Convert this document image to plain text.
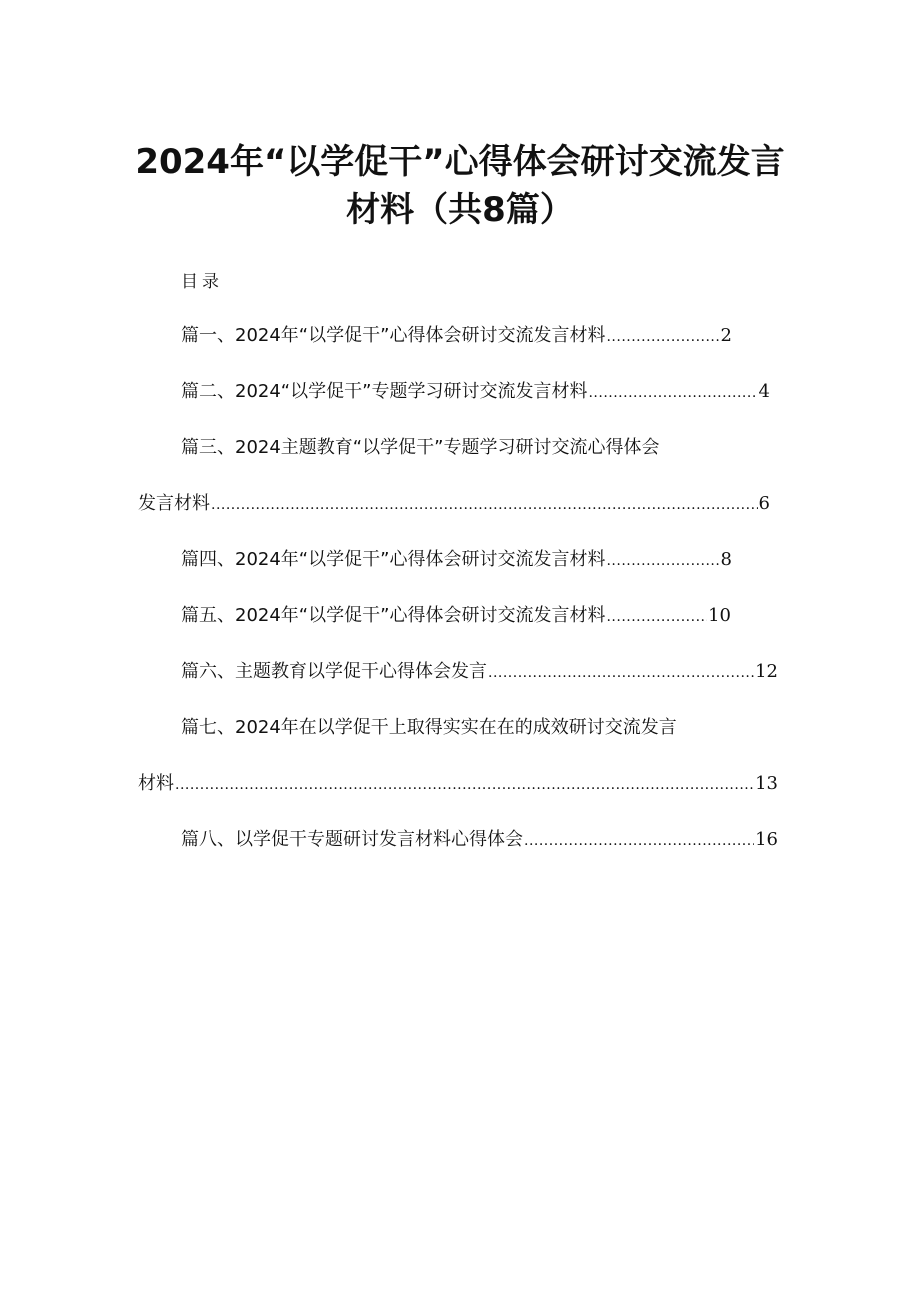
2024年“以学促干”心得体会研讨交流发言
材料（共8篇）
目录
篇一、2024年“以学促干”心得体会研讨交流发言材料 .....	2
篇二、2024“以学促干”专题学习研讨交流发言材料 .....	4
篇三、2024主题教育“以学促干”专题学习研讨交流心得体会
发言材料 .....	6
篇四、2024年“以学促干”心得体会研讨交流发言材料 .....	8
篇五、2024年“以学促干”心得体会研讨交流发言材料 .....	10
篇六、主题教育以学促干心得体会发言 .....	12
篇七、2024年在以学促干上取得实实在在的成效研讨交流发言
材料 .....	13
篇八、以学促干专题研讨发言材料心得体会 .....	16
